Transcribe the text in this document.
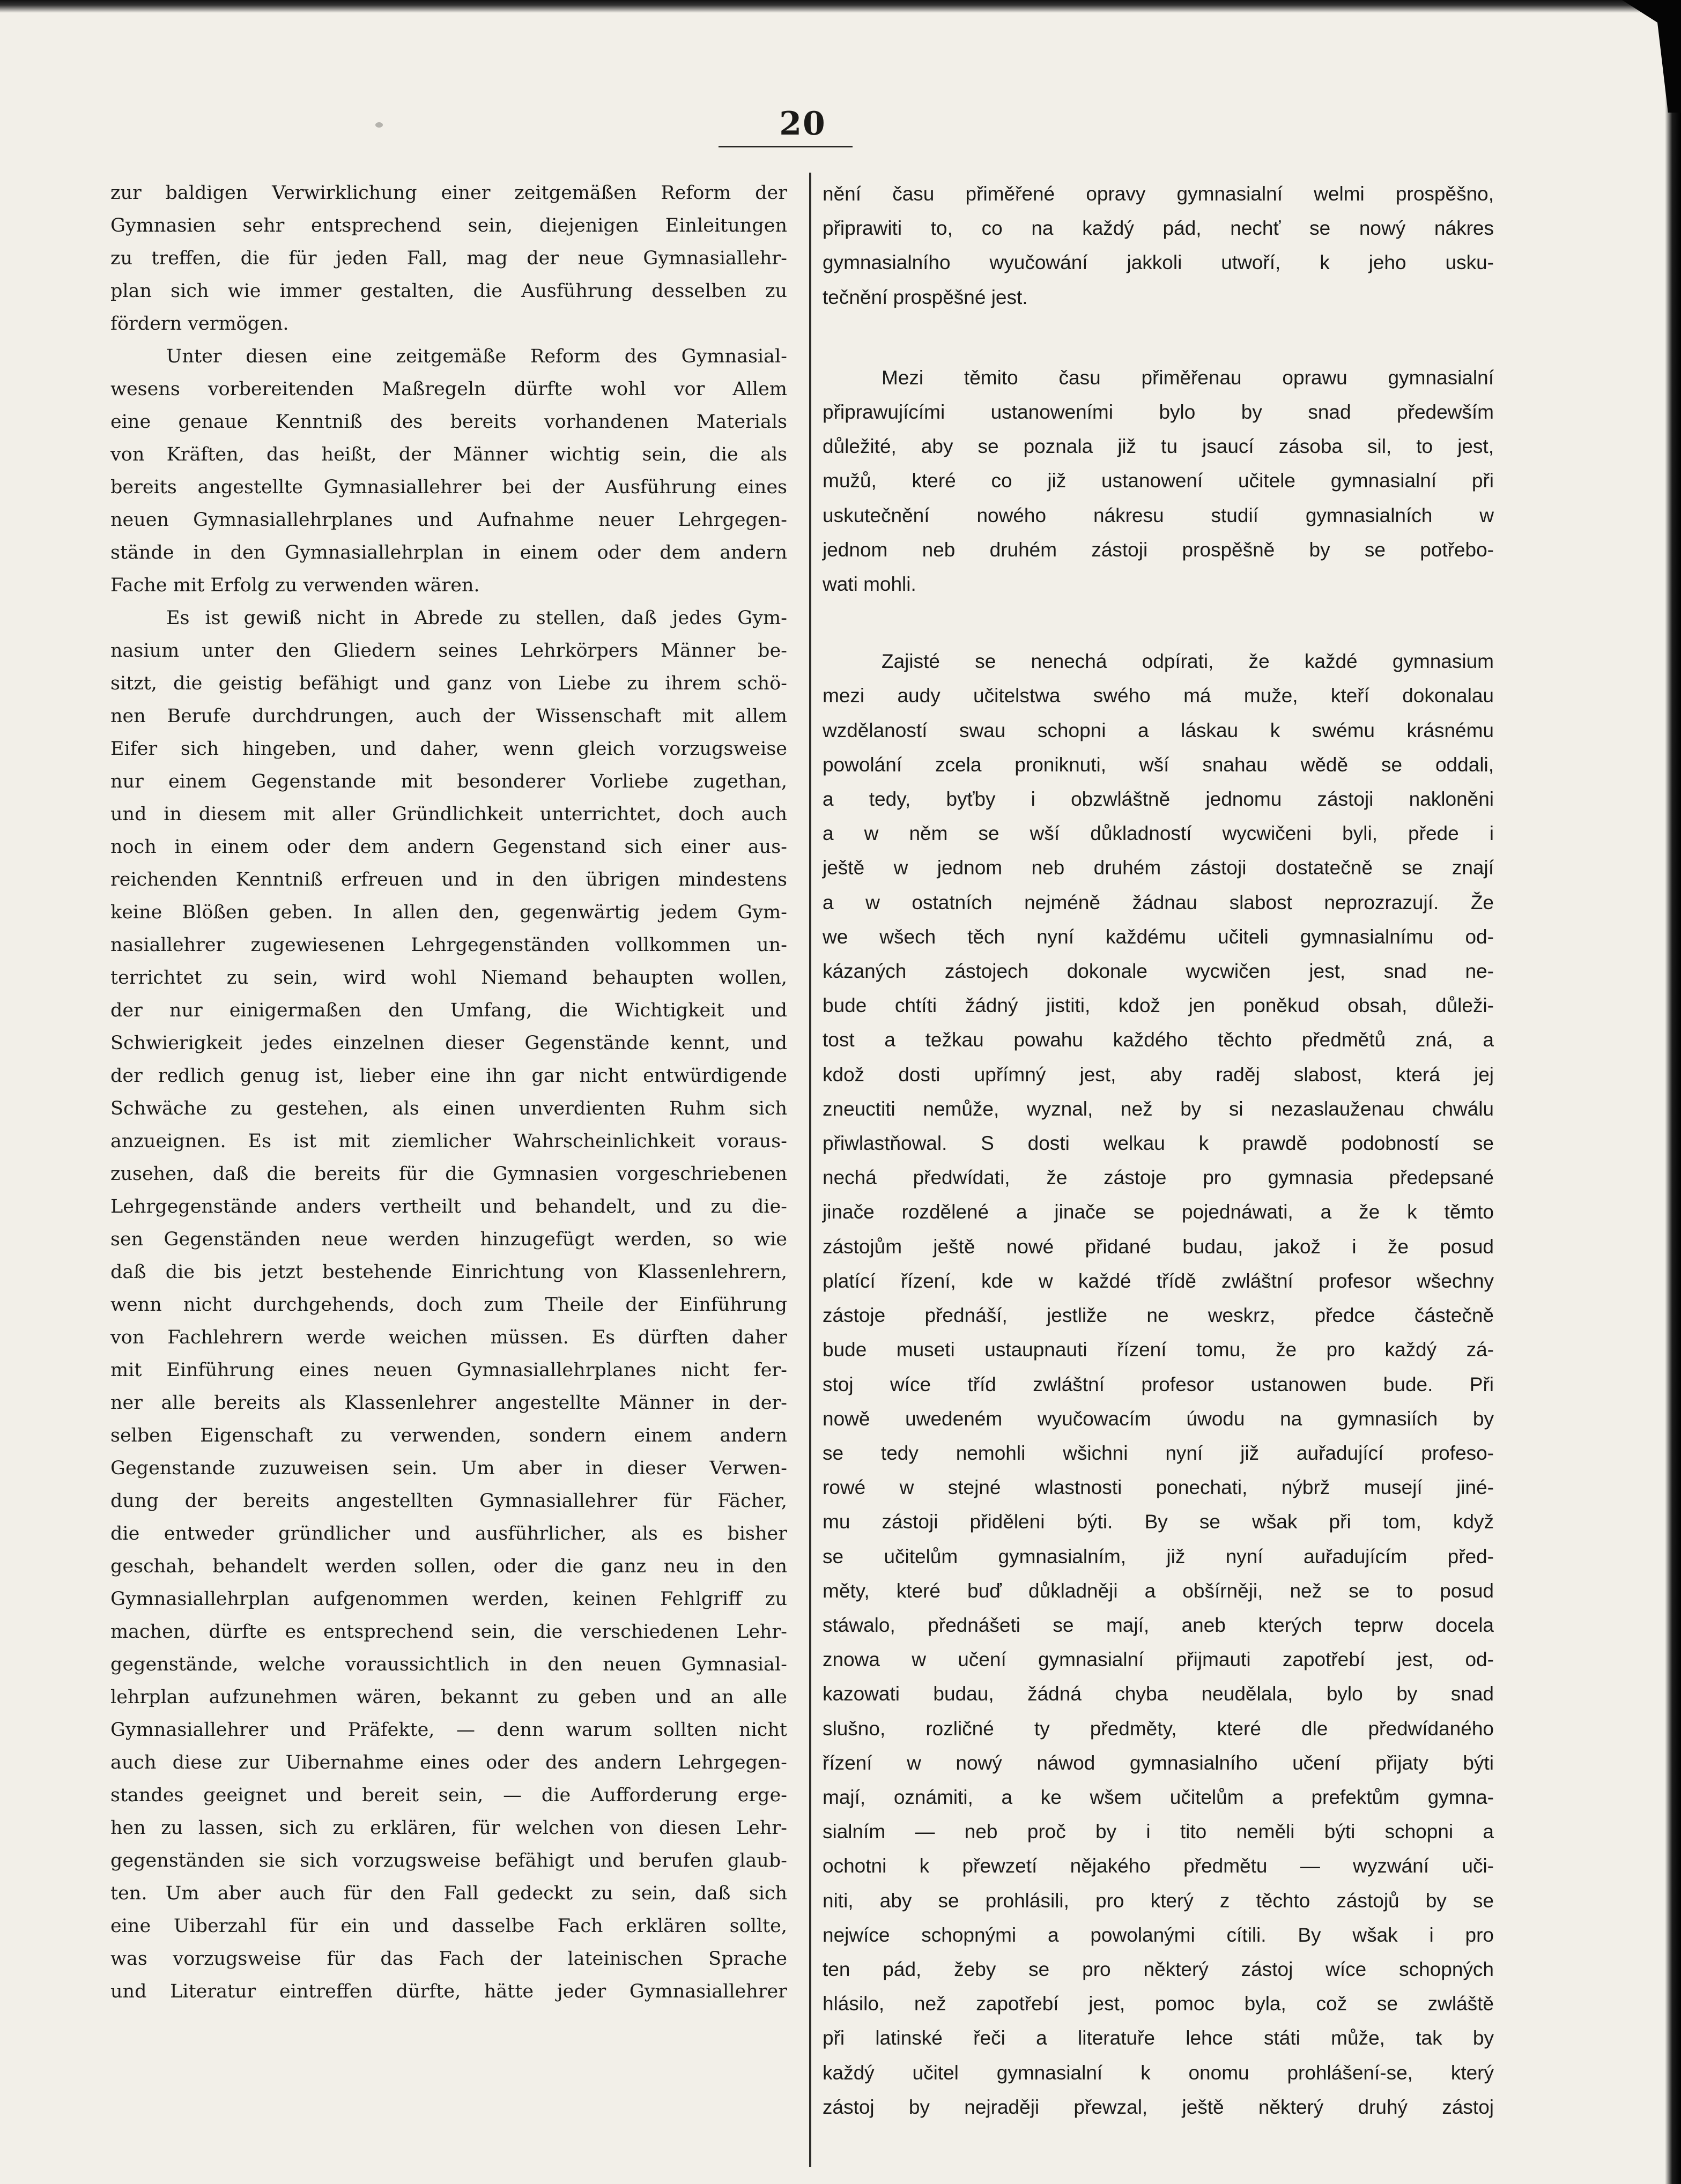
20
zur baldigen Verwirklichung einer zeitgemäßen Reform der
Gymnasien sehr entsprechend sein, diejenigen Einleitungen
zu treffen, die für jeden Fall, mag der neue Gymnasiallehr-
plan sich wie immer gestalten, die Ausführung desselben zu
fördern vermögen.
Unter diesen eine zeitgemäße Reform des Gymnasial-
wesens vorbereitenden Maßregeln dürfte wohl vor Allem
eine genaue Kenntniß des bereits vorhandenen Materials
von Kräften, das heißt, der Männer wichtig sein, die als
bereits angestellte Gymnasiallehrer bei der Ausführung eines
neuen Gymnasiallehrplanes und Aufnahme neuer Lehrgegen-
stände in den Gymnasiallehrplan in einem oder dem andern
Fache mit Erfolg zu verwenden wären.
Es ist gewiß nicht in Abrede zu stellen, daß jedes Gym-
nasium unter den Gliedern seines Lehrkörpers Männer be-
sitzt, die geistig befähigt und ganz von Liebe zu ihrem schö-
nen Berufe durchdrungen, auch der Wissenschaft mit allem
Eifer sich hingeben, und daher, wenn gleich vorzugsweise
nur einem Gegenstande mit besonderer Vorliebe zugethan,
und in diesem mit aller Gründlichkeit unterrichtet, doch auch
noch in einem oder dem andern Gegenstand sich einer aus-
reichenden Kenntniß erfreuen und in den übrigen mindestens
keine Blößen geben. In allen den, gegenwärtig jedem Gym-
nasiallehrer zugewiesenen Lehrgegenständen vollkommen un-
terrichtet zu sein, wird wohl Niemand behaupten wollen,
der nur einigermaßen den Umfang, die Wichtigkeit und
Schwierigkeit jedes einzelnen dieser Gegenstände kennt, und
der redlich genug ist, lieber eine ihn gar nicht entwürdigende
Schwäche zu gestehen, als einen unverdienten Ruhm sich
anzueignen. Es ist mit ziemlicher Wahrscheinlichkeit voraus-
zusehen, daß die bereits für die Gymnasien vorgeschriebenen
Lehrgegenstände anders vertheilt und behandelt, und zu die-
sen Gegenständen neue werden hinzugefügt werden, so wie
daß die bis jetzt bestehende Einrichtung von Klassenlehrern,
wenn nicht durchgehends, doch zum Theile der Einführung
von Fachlehrern werde weichen müssen. Es dürften daher
mit Einführung eines neuen Gymnasiallehrplanes nicht fer-
ner alle bereits als Klassenlehrer angestellte Männer in der-
selben Eigenschaft zu verwenden, sondern einem andern
Gegenstande zuzuweisen sein. Um aber in dieser Verwen-
dung der bereits angestellten Gymnasiallehrer für Fächer,
die entweder gründlicher und ausführlicher, als es bisher
geschah, behandelt werden sollen, oder die ganz neu in den
Gymnasiallehrplan aufgenommen werden, keinen Fehlgriff zu
machen, dürfte es entsprechend sein, die verschiedenen Lehr-
gegenstände, welche voraussichtlich in den neuen Gymnasial-
lehrplan aufzunehmen wären, bekannt zu geben und an alle
Gymnasiallehrer und Präfekte, — denn warum sollten nicht
auch diese zur Uibernahme eines oder des andern Lehrgegen-
standes geeignet und bereit sein, — die Aufforderung erge-
hen zu lassen, sich zu erklären, für welchen von diesen Lehr-
gegenständen sie sich vorzugsweise befähigt und berufen glaub-
ten. Um aber auch für den Fall gedeckt zu sein, daß sich
eine Uiberzahl für ein und dasselbe Fach erklären sollte,
was vorzugsweise für das Fach der lateinischen Sprache
und Literatur eintreffen dürfte, hätte jeder Gymnasiallehrer
nění času přiměřené opravy gymnasialní welmi prospěšno,
připrawiti to, co na každý pád, nechť se nowý nákres
gymnasialního wyučowání jakkoli utwoří, k jeho usku-
tečnění prospěšné jest.
Mezi těmito času přiměřenau oprawu gymnasialní
připrawujícími ustanoweními bylo by snad předewším
důležité, aby se poznala již tu jsaucí zásoba sil, to jest,
mužů, které co již ustanowení učitele gymnasialní při
uskutečnění nowého nákresu studií gymnasialních w
jednom neb druhém zástoji prospěšně by se potřebo-
wati mohli.
Zajisté se nenechá odpírati, že každé gymnasium
mezi audy učitelstwa swého má muže, kteří dokonalau
wzdělaností swau schopni a láskau k swému krásnému
powolání zcela proniknuti, wší snahau wědě se oddali,
a tedy, byťby i obzwláštně jednomu zástoji nakloněni
a w něm se wší důkladností wycwičeni byli, přede i
ještě w jednom neb druhém zástoji dostatečně se znají
a w ostatních nejméně žádnau slabost neprozrazují. Že
we wšech těch nyní každému učiteli gymnasialnímu od-
kázaných zástojech dokonale wycwičen jest, snad ne-
bude chtíti žádný jistiti, kdož jen poněkud obsah, důleži-
tost a težkau powahu každého těchto předmětů zná, a
kdož dosti upřímný jest, aby raděj slabost, která jej
zneuctiti nemůže, wyznal, než by si nezaslauženau chwálu
přiwlastňowal. S dosti welkau k prawdě podobností se
nechá předwídati, že zástoje pro gymnasia předepsané
jinače rozdělené a jinače se pojednáwati, a že k těmto
zástojům ještě nowé přidané budau, jakož i že posud
platící řízení, kde w každé třídě zwláštní profesor wšechny
zástoje přednáší, jestliže ne weskrz, předce částečně
bude museti ustaupnauti řízení tomu, že pro každý zá-
stoj wíce tříd zwláštní profesor ustanowen bude. Při
nowě uwedeném wyučowacím úwodu na gymnasiích by
se tedy nemohli wšichni nyní již auřadující profeso-
rowé w stejné wlastnosti ponechati, nýbrž musejí jiné-
mu zástoji přiděleni býti. By se wšak při tom, když
se učitelům gymnasialním, již nyní auřadujícím před-
měty, které buď důkladněji a obšírněji, než se to posud
stáwalo, přednášeti se mají, aneb kterých teprw docela
znowa w učení gymnasialní přijmauti zapotřebí jest, od-
kazowati budau, žádná chyba neudělala, bylo by snad
slušno, rozličné ty předměty, které dle předwídaného
řízení w nowý náwod gymnasialního učení přijaty býti
mají, oznámiti, a ke wšem učitelům a prefektům gymna-
sialním — neb proč by i tito neměli býti schopni a
ochotni k přewzetí nějakého předmětu — wyzwání uči-
niti, aby se prohlásili, pro který z těchto zástojů by se
nejwíce schopnými a powolanými cítili. By wšak i pro
ten pád, žeby se pro některý zástoj wíce schopných
hlásilo, než zapotřebí jest, pomoc byla, což se zwláště
při latinské řeči a literatuře lehce státi může, tak by
každý učitel gymnasialní k onomu prohlášení-se, který
zástoj by nejraději přewzal, ještě některý druhý zástoj
